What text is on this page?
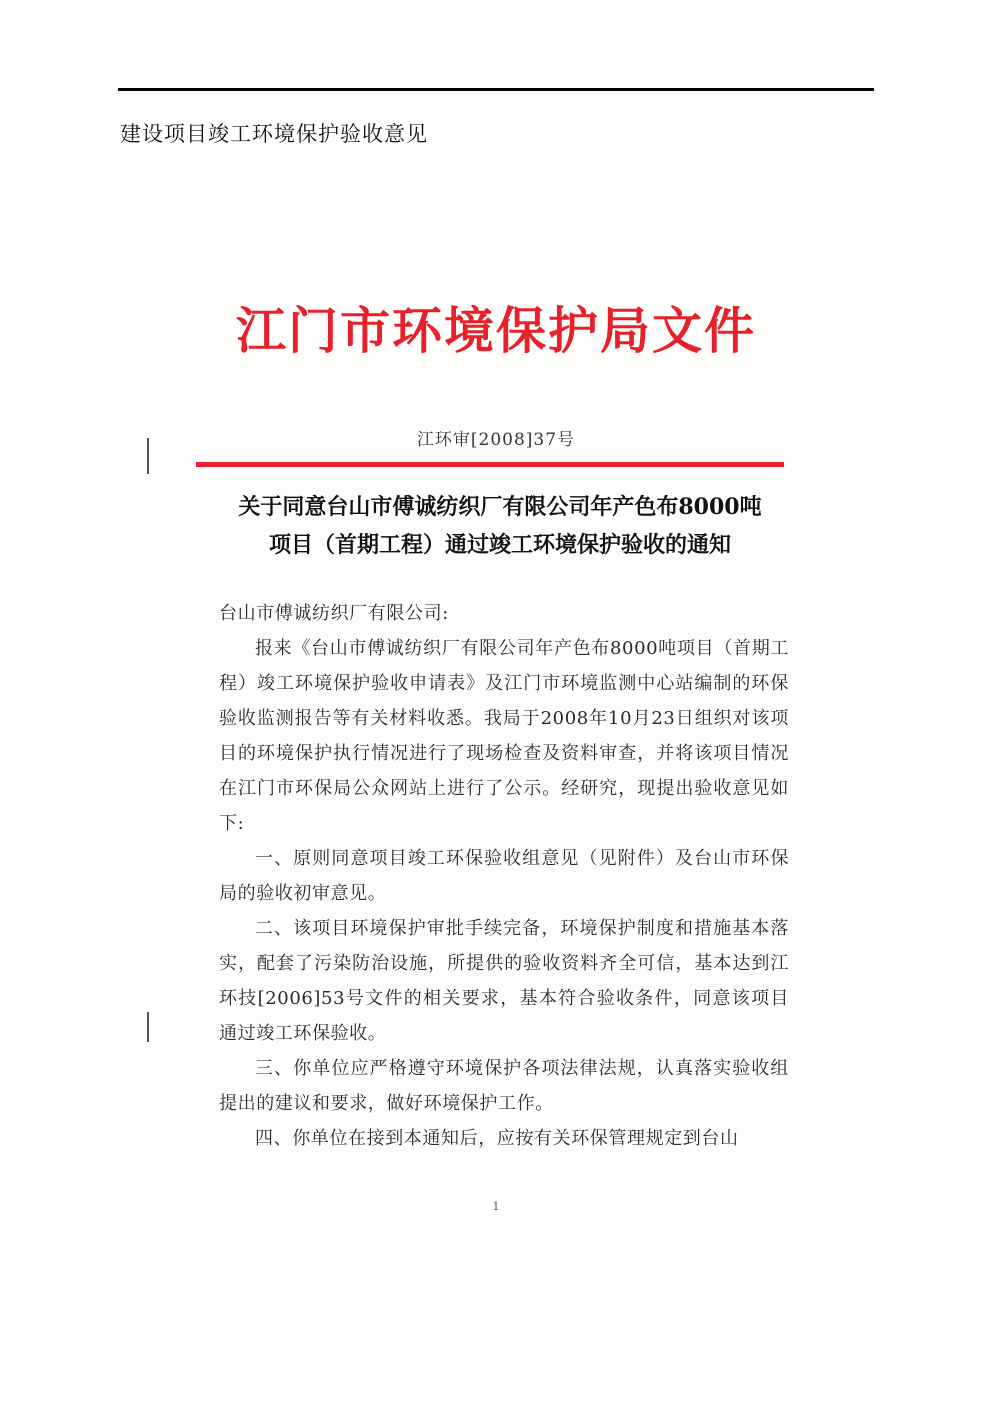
建设项目竣工环境保护验收意见
江门市环境保护局文件
江环审[2008]37号
关于同意台山市傅诚纺织厂有限公司年产色布8000吨
项目（首期工程）通过竣工环境保护验收的通知

台山市傅诚纺织厂有限公司:

报来《台山市傅诚纺织厂有限公司年产色布8000吨项目（首期工程）竣工环境保护验收申请表》及江门市环境监测中心站编制的环保验收监测报告等有关材料收悉。我局于2008年10月23日组织对该项目的环境保护执行情况进行了现场检查及资料审查，并将该项目情况在江门市环保局公众网站上进行了公示。经研究，现提出验收意见如下:

一、原则同意项目竣工环保验收组意见（见附件）及台山市环保局的验收初审意见。

二、该项目环境保护审批手续完备，环境保护制度和措施基本落实，配套了污染防治设施，所提供的验收资料齐全可信，基本达到江环技[2006]53号文件的相关要求，基本符合验收条件，同意该项目通过竣工环保验收。

三、你单位应严格遵守环境保护各项法律法规，认真落实验收组提出的建议和要求，做好环境保护工作。

四、你单位在接到本通知后，应按有关环保管理规定到台山

1
